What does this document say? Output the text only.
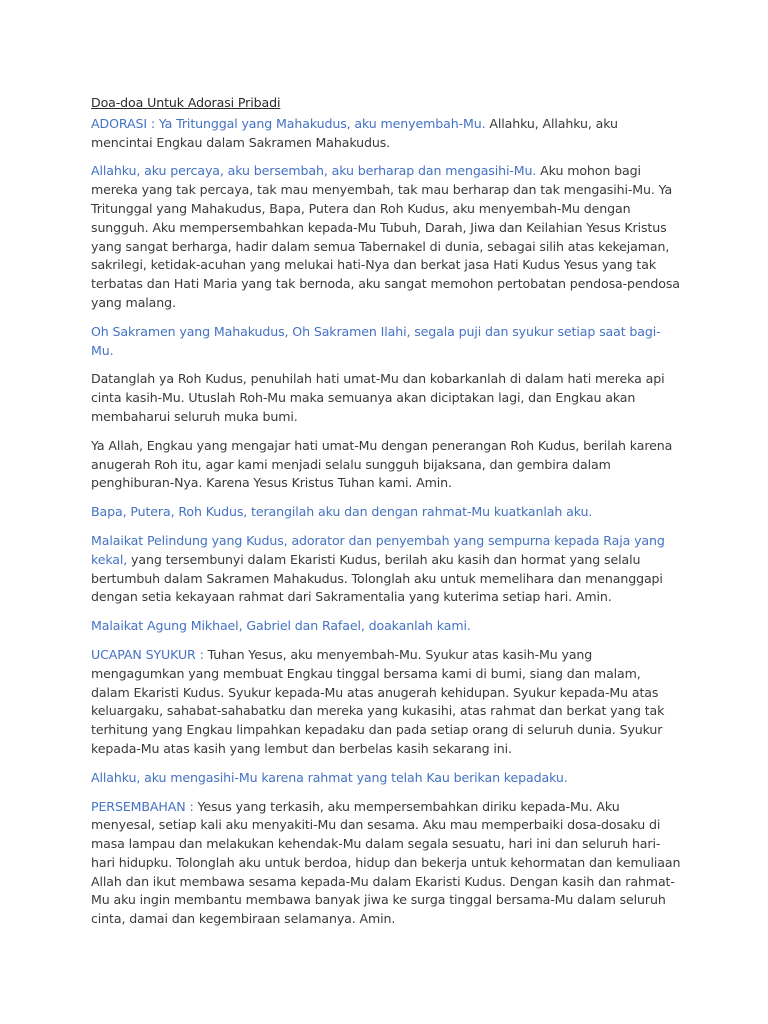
Doa-doa Untuk Adorasi Pribadi

ADORASI : Ya Tritunggal yang Mahakudus, aku menyembah-Mu. Allahku, Allahku, aku mencintai Engkau dalam Sakramen Mahakudus.

Allahku, aku percaya, aku bersembah, aku berharap dan mengasihi-Mu. Aku mohon bagi mereka yang tak percaya, tak mau menyembah, tak mau berharap dan tak mengasihi-Mu. Ya Tritunggal yang Mahakudus, Bapa, Putera dan Roh Kudus, aku menyembah-Mu dengan sungguh. Aku mempersembahkan kepada-Mu Tubuh, Darah, Jiwa dan Keilahian Yesus Kristus yang sangat berharga, hadir dalam semua Tabernakel di dunia, sebagai silih atas kekejaman, sakrilegi, ketidak-acuhan yang melukai hati-Nya dan berkat jasa Hati Kudus Yesus yang tak terbatas dan Hati Maria yang tak bernoda, aku sangat memohon pertobatan pendosa-pendosa yang malang.

Oh Sakramen yang Mahakudus, Oh Sakramen Ilahi, segala puji dan syukur setiap saat bagi-Mu.

Datanglah ya Roh Kudus, penuhilah hati umat-Mu dan kobarkanlah di dalam hati mereka api cinta kasih-Mu. Utuslah Roh-Mu maka semuanya akan diciptakan lagi, dan Engkau akan membaharui seluruh muka bumi.

Ya Allah, Engkau yang mengajar hati umat-Mu dengan penerangan Roh Kudus, berilah karena anugerah Roh itu, agar kami menjadi selalu sungguh bijaksana, dan gembira dalam penghiburan-Nya. Karena Yesus Kristus Tuhan kami. Amin.

Bapa, Putera, Roh Kudus, terangilah aku dan dengan rahmat-Mu kuatkanlah aku.

Malaikat Pelindung yang Kudus, adorator dan penyembah yang sempurna kepada Raja yang kekal, yang tersembunyi dalam Ekaristi Kudus, berilah aku kasih dan hormat yang selalu bertumbuh dalam Sakramen Mahakudus. Tolonglah aku untuk memelihara dan menanggapi dengan setia kekayaan rahmat dari Sakramentalia yang kuterima setiap hari. Amin.

Malaikat Agung Mikhael, Gabriel dan Rafael, doakanlah kami.

UCAPAN SYUKUR : Tuhan Yesus, aku menyembah-Mu. Syukur atas kasih-Mu yang mengagumkan yang membuat Engkau tinggal bersama kami di bumi, siang dan malam, dalam Ekaristi Kudus. Syukur kepada-Mu atas anugerah kehidupan. Syukur kepada-Mu atas keluargaku, sahabat-sahabatku dan mereka yang kukasihi, atas rahmat dan berkat yang tak terhitung yang Engkau limpahkan kepadaku dan pada setiap orang di seluruh dunia. Syukur kepada-Mu atas kasih yang lembut dan berbelas kasih sekarang ini.

Allahku, aku mengasihi-Mu karena rahmat yang telah Kau berikan kepadaku.

PERSEMBAHAN : Yesus yang terkasih, aku mempersembahkan diriku kepada-Mu. Aku menyesal, setiap kali aku menyakiti-Mu dan sesama. Aku mau memperbaiki dosa-dosaku di masa lampau dan melakukan kehendak-Mu dalam segala sesuatu, hari ini dan seluruh hari-hari hidupku. Tolonglah aku untuk berdoa, hidup dan bekerja untuk kehormatan dan kemuliaan Allah dan ikut membawa sesama kepada-Mu dalam Ekaristi Kudus. Dengan kasih dan rahmat-Mu aku ingin membantu membawa banyak jiwa ke surga tinggal bersama-Mu dalam seluruh cinta, damai dan kegembiraan selamanya. Amin.
